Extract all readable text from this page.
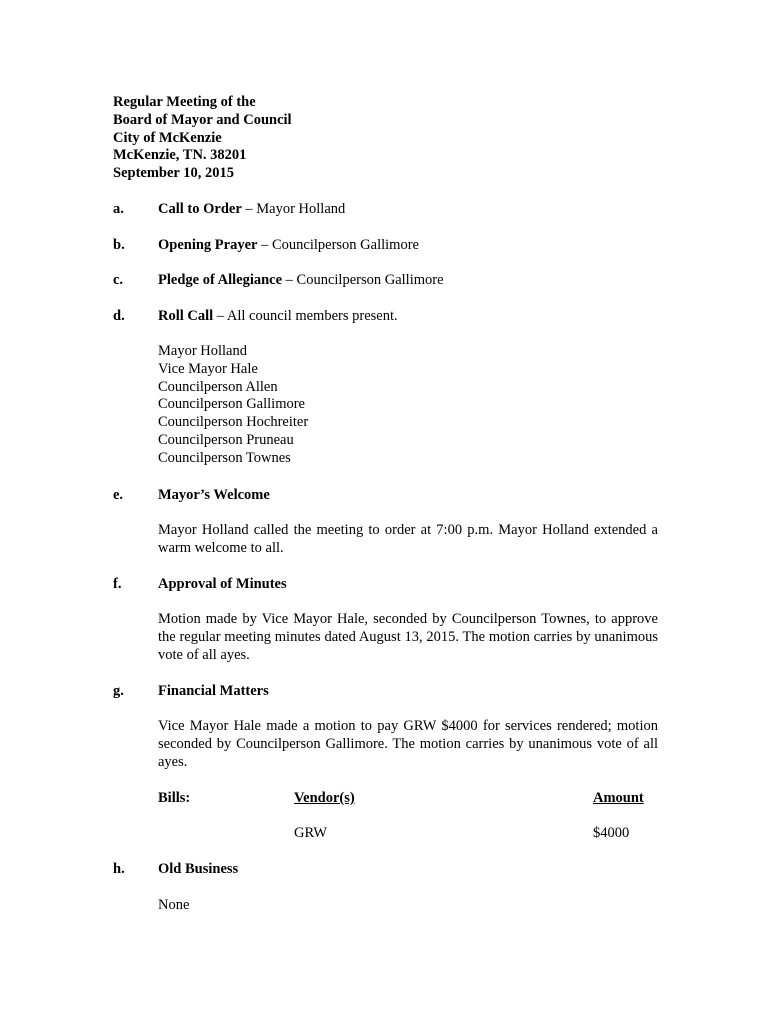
Regular Meeting of the
Board of Mayor and Council
City of McKenzie
McKenzie, TN. 38201
September 10, 2015
a. Call to Order – Mayor Holland
b. Opening Prayer – Councilperson Gallimore
c. Pledge of Allegiance – Councilperson Gallimore
d. Roll Call – All council members present.
Mayor Holland
Vice Mayor Hale
Councilperson Allen
Councilperson Gallimore
Councilperson Hochreiter
Councilperson Pruneau
Councilperson Townes
e. Mayor’s Welcome
Mayor Holland called the meeting to order at 7:00 p.m. Mayor Holland extended a warm welcome to all.
f.	Approval of Minutes
Motion made by Vice Mayor Hale, seconded by Councilperson Townes, to approve the regular meeting minutes dated August 13, 2015. The motion carries by unanimous vote of all ayes.
g. Financial Matters
Vice Mayor Hale made a motion to pay GRW $4000 for services rendered; motion seconded by Councilperson Gallimore. The motion carries by unanimous vote of all ayes.
Bills:	Vendor(s)	Amount
GRW	$4000
h. Old Business
None
